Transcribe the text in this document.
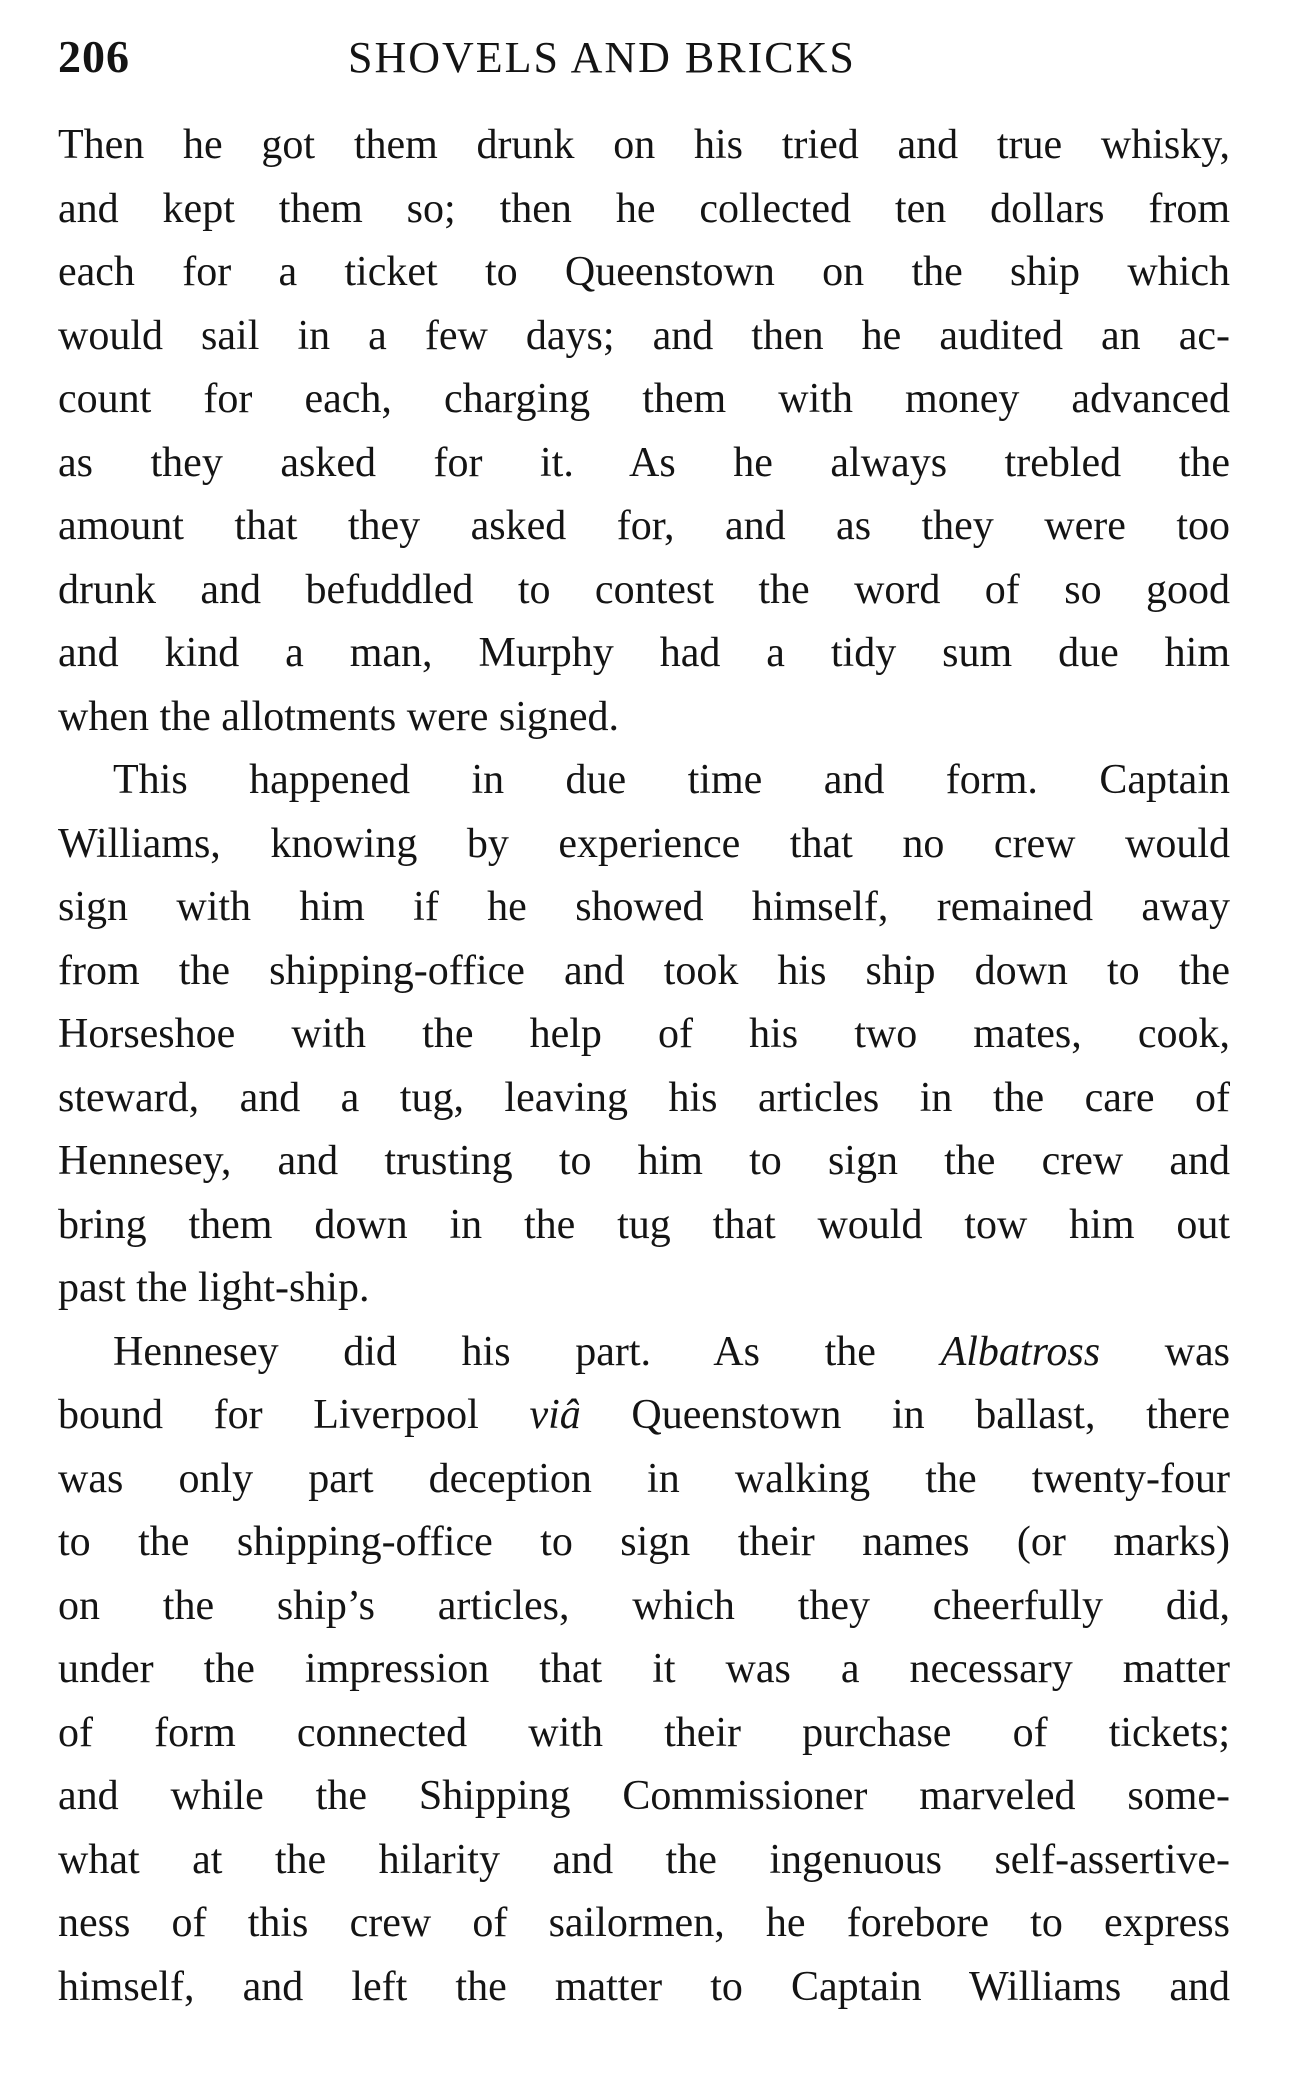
206	SHOVELS AND BRICKS
Then he got them drunk on his tried and true whisky,
and kept them so; then he collected ten dollars from
each for a ticket to Queenstown on the ship which
would sail in a few days; and then he audited an ac-
count for each, charging them with money advanced
as they asked for it. As he always trebled the
amount that they asked for, and as they were too
drunk and befuddled to contest the word of so good
and kind a man, Murphy had a tidy sum due him
when the allotments were signed.
This happened in due time and form. Captain
Williams, knowing by experience that no crew would
sign with him if he showed himself, remained away
from the shipping-office and took his ship down to the
Horseshoe with the help of his two mates, cook,
steward, and a tug, leaving his articles in the care of
Hennesey, and trusting to him to sign the crew and
bring them down in the tug that would tow him out
past the light-ship.
Hennesey did his part. As the Albatross was
bound for Liverpool viâ Queenstown in ballast, there
was only part deception in walking the twenty-four
to the shipping-office to sign their names (or marks)
on the ship’s articles, which they cheerfully did,
under the impression that it was a necessary matter
of form connected with their purchase of tickets;
and while the Shipping Commissioner marveled some-
what at the hilarity and the ingenuous self-assertive-
ness of this crew of sailormen, he forebore to express
himself, and left the matter to Captain Williams and
